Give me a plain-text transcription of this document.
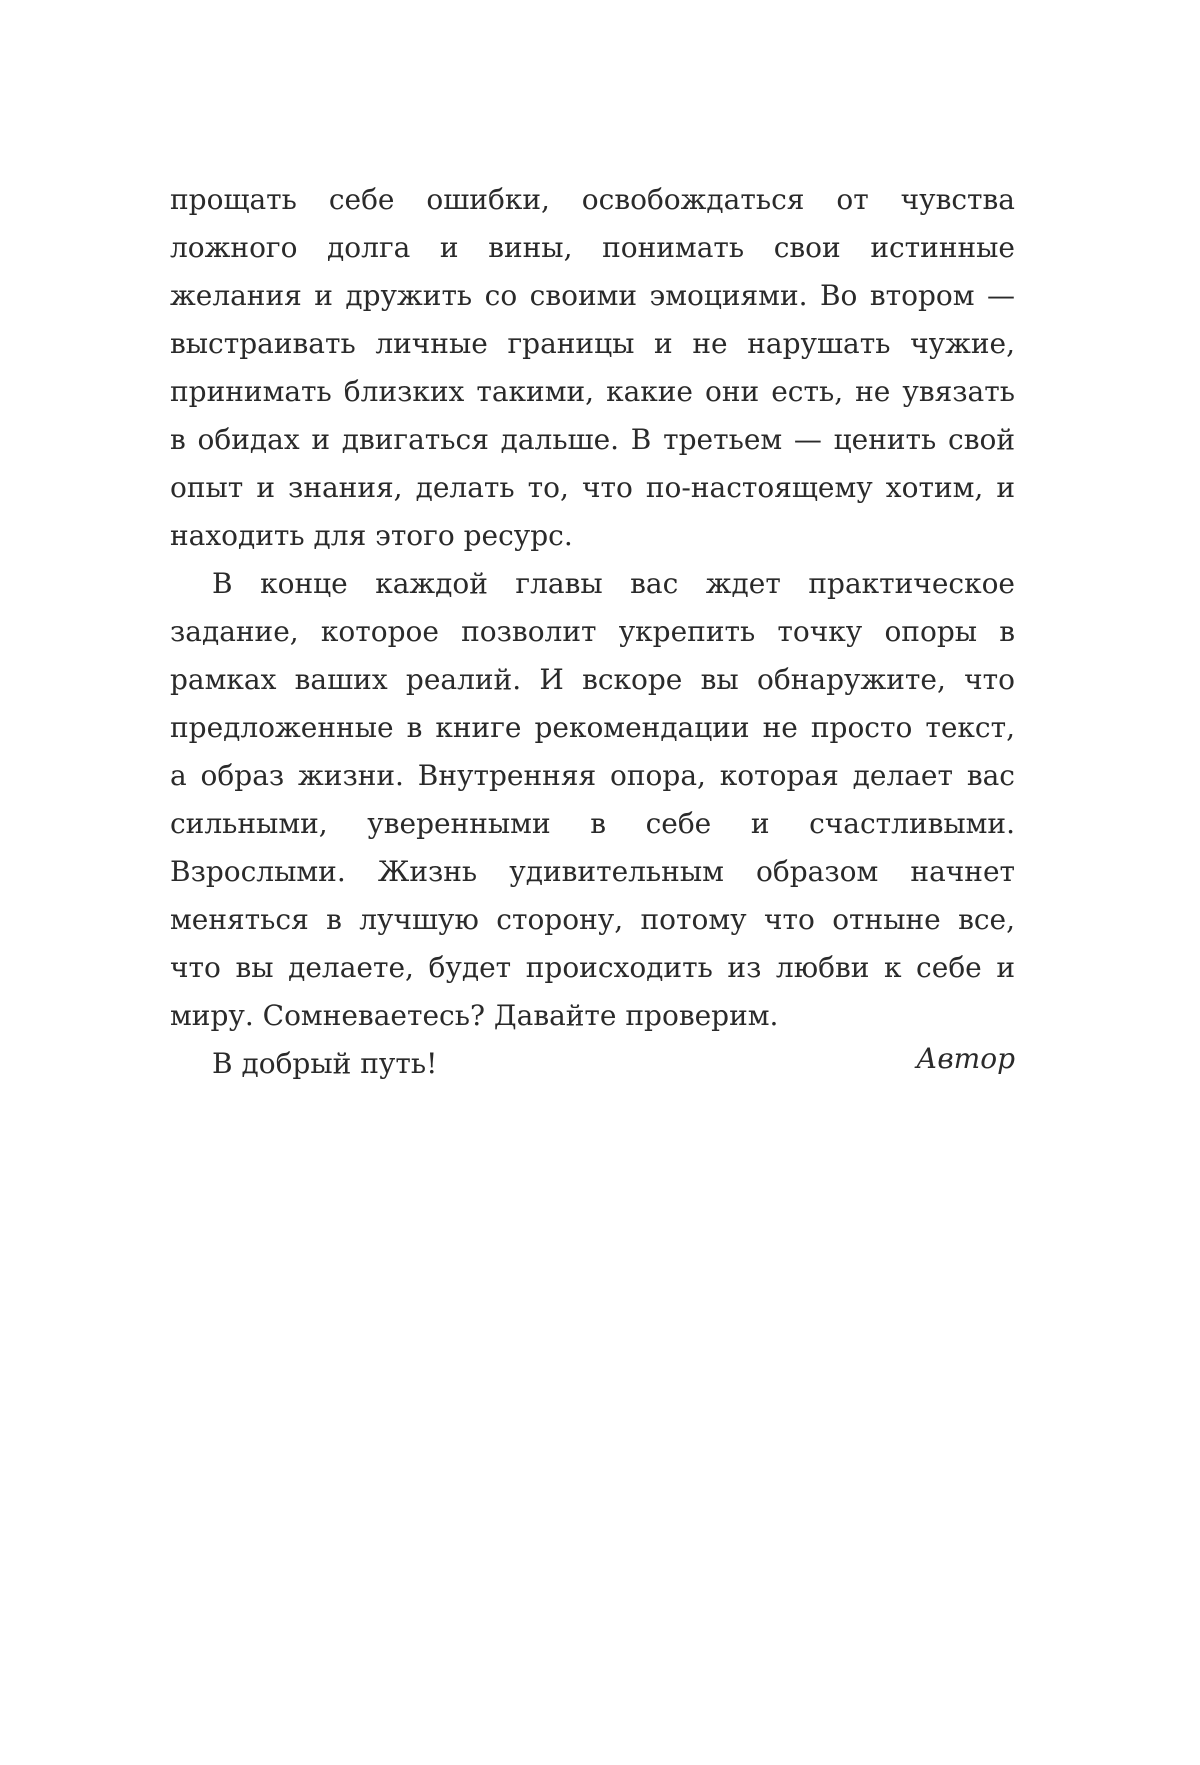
прощать себе ошибки, освобождаться от чувства ложного долга и вины, понимать свои истинные желания и дружить со своими эмоциями. Во втором — выстраивать личные границы и не нарушать чужие, принимать близких такими, какие они есть, не увязать в обидах и двигаться дальше. В третьем — ценить свой опыт и знания, делать то, что по-настоящему хотим, и находить для этого ресурс.

В конце каждой главы вас ждет практическое задание, которое позволит укрепить точку опоры в рамках ваших реалий. И вскоре вы обнаружите, что предложенные в книге рекомендации не просто текст, а образ жизни. Внутренняя опора, которая делает вас сильными, уверенными в себе и счастливыми. Взрослыми. Жизнь удивительным образом начнет меняться в лучшую сторону, потому что отныне все, что вы делаете, будет происходить из любви к себе и миру. Сомневаетесь? Давайте проверим.

В добрый путь!	Автор
